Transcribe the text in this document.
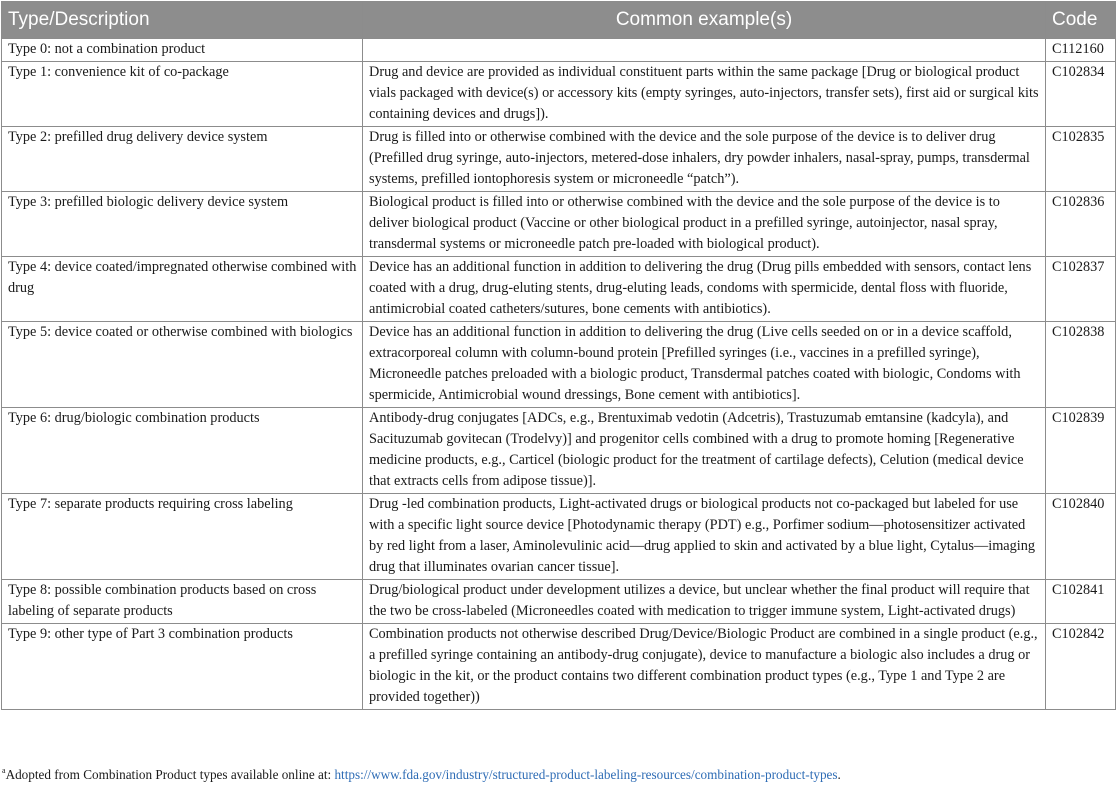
Type/Description	Common example(s)	Code
Type 0: not a combination product		C112160
Type 1: convenience kit of co-package	Drug and device are provided as individual constituent parts within the same package [Drug or biological product vials packaged with device(s) or accessory kits (empty syringes, auto-injectors, transfer sets), first aid or surgical kits containing devices and drugs]).	C102834
Type 2: prefilled drug delivery device system	Drug is filled into or otherwise combined with the device and the sole purpose of the device is to deliver drug (Prefilled drug syringe, auto-injectors, metered-dose inhalers, dry powder inhalers, nasal-spray, pumps, transdermal systems, prefilled iontophoresis system or microneedle “patch”).	C102835
Type 3: prefilled biologic delivery device system	Biological product is filled into or otherwise combined with the device and the sole purpose of the device is to deliver biological product (Vaccine or other biological product in a prefilled syringe, autoinjector, nasal spray, transdermal systems or microneedle patch pre-loaded with biological product).	C102836
Type 4: device coated/impregnated otherwise combined with drug	Device has an additional function in addition to delivering the drug (Drug pills embedded with sensors, contact lens coated with a drug, drug-eluting stents, drug-eluting leads, condoms with spermicide, dental floss with fluoride, antimicrobial coated catheters/sutures, bone cements with antibiotics).	C102837
Type 5: device coated or otherwise combined with biologics	Device has an additional function in addition to delivering the drug (Live cells seeded on or in a device scaffold, extracorporeal column with column-bound protein [Prefilled syringes (i.e., vaccines in a prefilled syringe), Microneedle patches preloaded with a biologic product, Transdermal patches coated with biologic, Condoms with spermicide, Antimicrobial wound dressings, Bone cement with antibiotics].	C102838
Type 6: drug/biologic combination products	Antibody-drug conjugates [ADCs, e.g., Brentuximab vedotin (Adcetris), Trastuzumab emtansine (kadcyla), and Sacituzumab govitecan (Trodelvy)] and progenitor cells combined with a drug to promote homing [Regenerative medicine products, e.g., Carticel (biologic product for the treatment of cartilage defects), Celution (medical device that extracts cells from adipose tissue)].	C102839
Type 7: separate products requiring cross labeling	Drug -led combination products, Light-activated drugs or biological products not co-packaged but labeled for use with a specific light source device [Photodynamic therapy (PDT) e.g., Porfimer sodium—photosensitizer activated by red light from a laser, Aminolevulinic acid—drug applied to skin and activated by a blue light, Cytalus—imaging drug that illuminates ovarian cancer tissue].	C102840
Type 8: possible combination products based on cross labeling of separate products	Drug/biological product under development utilizes a device, but unclear whether the final product will require that the two be cross-labeled (Microneedles coated with medication to trigger immune system, Light-activated drugs)	C102841
Type 9: other type of Part 3 combination products	Combination products not otherwise described Drug/Device/Biologic Product are combined in a single product (e.g., a prefilled syringe containing an antibody-drug conjugate), device to manufacture a biologic also includes a drug or biologic in the kit, or the product contains two different combination product types (e.g., Type 1 and Type 2 are provided together))	C102842
$^a$Adopted from Combination Product types available online at: https://www.fda.gov/industry/structured-product-labeling-resources/combination-product-types.
